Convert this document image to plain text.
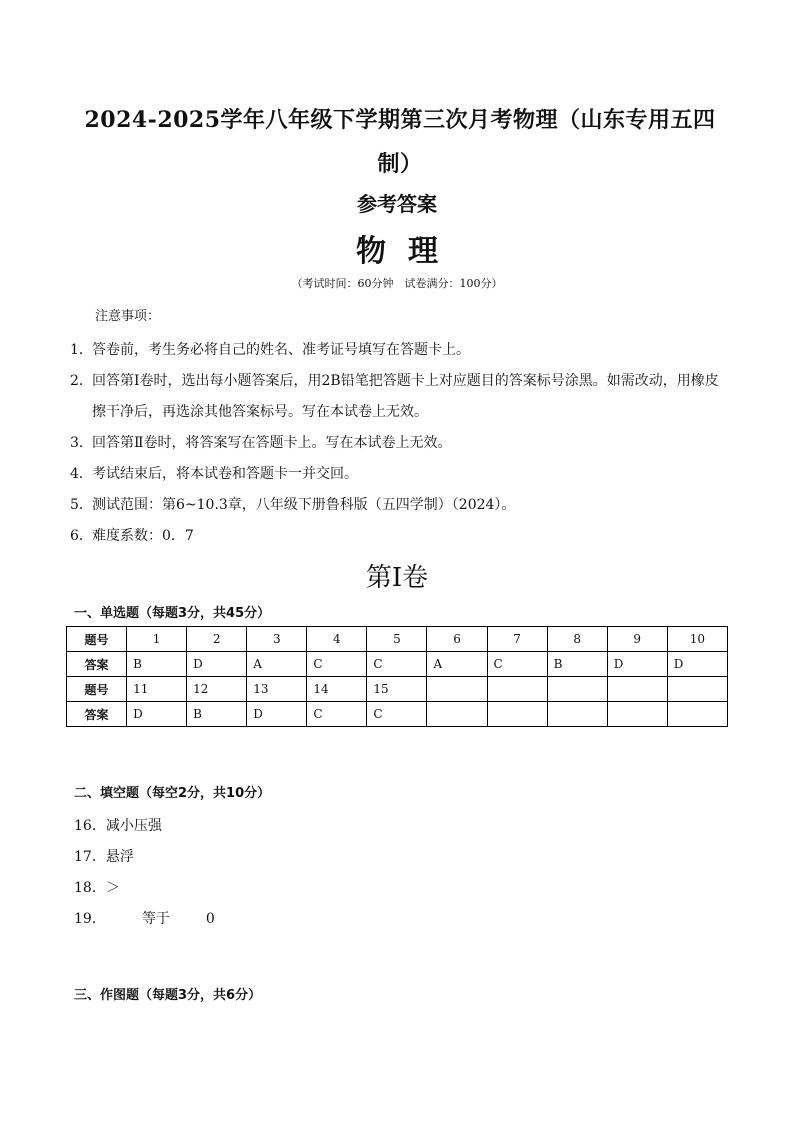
2024-2025学年八年级下学期第三次月考物理（山东专用五四制）
参考答案
物理
（考试时间：60分钟　试卷满分：100分）
注意事项：
1． 答卷前，考生务必将自己的姓名、准考证号填写在答题卡上。
2． 回答第Ⅰ卷时，选出每小题答案后，用2B铅笔把答题卡上对应题目的答案标号涂黑。如需改动，用橡皮擦干净后，再选涂其他答案标号。写在本试卷上无效。
3． 回答第Ⅱ卷时，将答案写在答题卡上。写在本试卷上无效。
4． 考试结束后，将本试卷和答题卡一并交回。
5． 测试范围：第6~10.3章，八年级下册鲁科版（五四学制）（2024）。
6． 难度系数：0．7
第Ⅰ卷
一、单选题（每题3分，共45分）
题号	1	2	3	4	5	6	7	8	9	10
答案	B	D	A	C	C	A	C	B	D	D
题号	11	12	13	14	15					
答案	D	B	D	C	C					
二、填空题（每空2分，共10分）
16．减小压强
17．悬浮
18．＞
19．	等于	0
三、作图题（每题3分，共6分）
